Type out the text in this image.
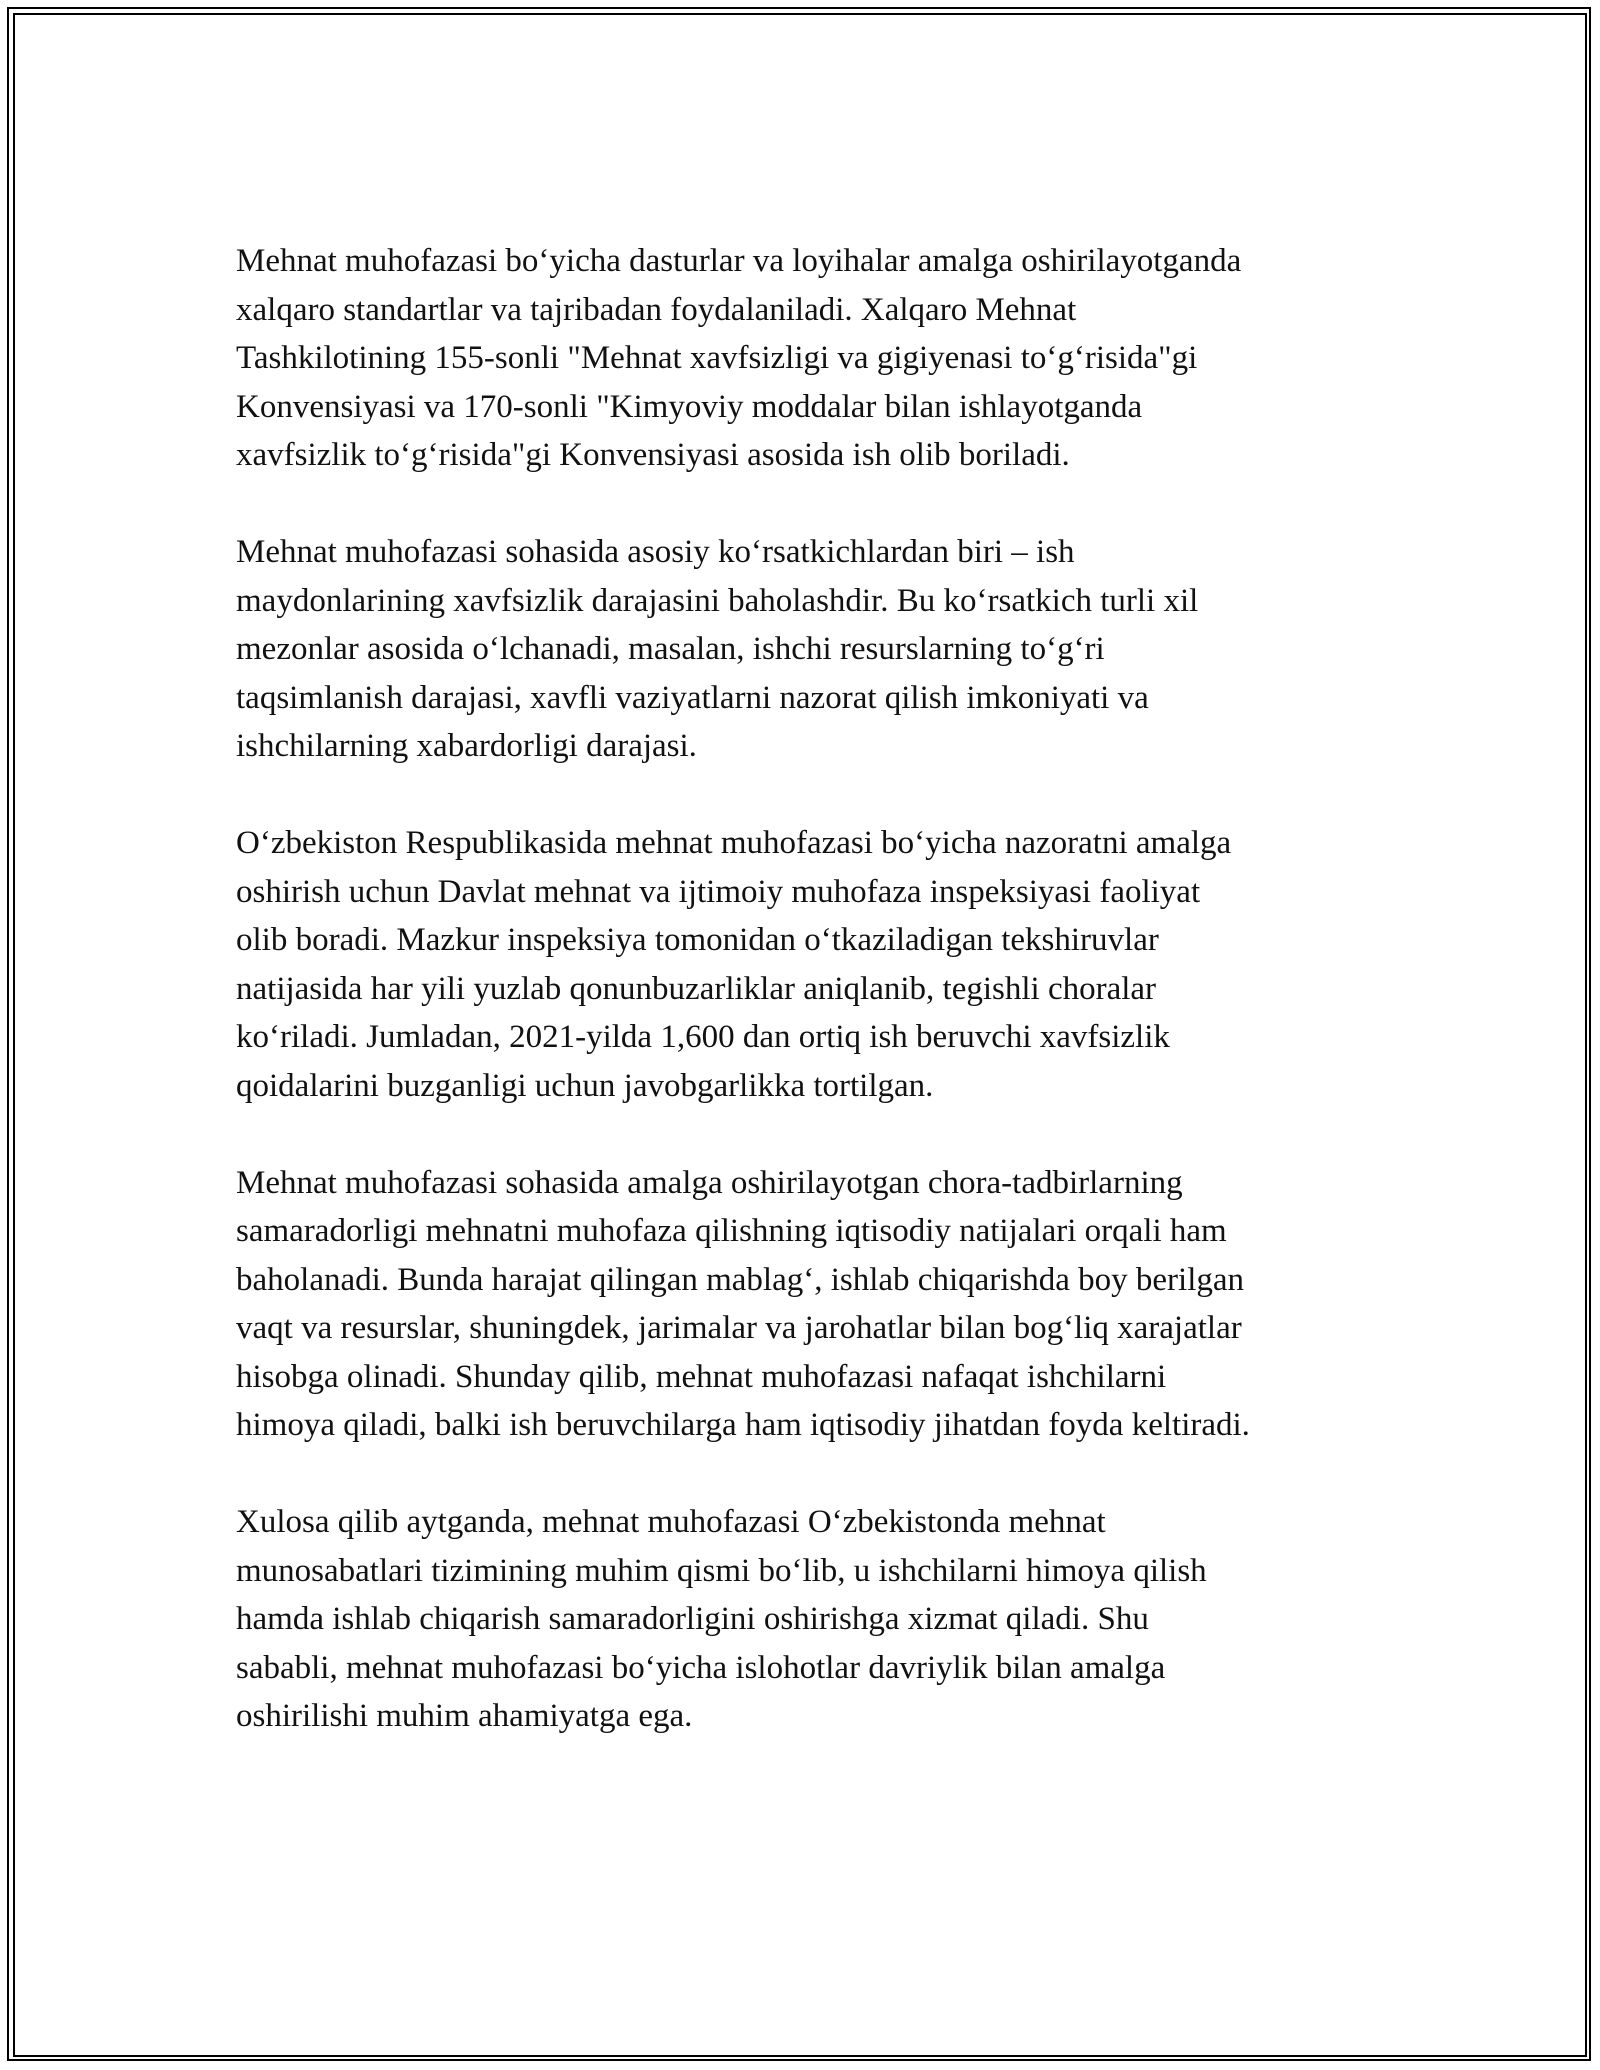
Mehnat muhofazasi bo‘yicha dasturlar va loyihalar amalga oshirilayotganda
xalqaro standartlar va tajribadan foydalaniladi. Xalqaro Mehnat
Tashkilotining 155-sonli "Mehnat xavfsizligi va gigiyenasi to‘g‘risida"gi
Konvensiyasi va 170-sonli "Kimyoviy moddalar bilan ishlayotganda
xavfsizlik to‘g‘risida"gi Konvensiyasi asosida ish olib boriladi.

Mehnat muhofazasi sohasida asosiy ko‘rsatkichlardan biri – ish
maydonlarining xavfsizlik darajasini baholashdir. Bu ko‘rsatkich turli xil
mezonlar asosida o‘lchanadi, masalan, ishchi resurslarning to‘g‘ri
taqsimlanish darajasi, xavfli vaziyatlarni nazorat qilish imkoniyati va
ishchilarning xabardorligi darajasi.

O‘zbekiston Respublikasida mehnat muhofazasi bo‘yicha nazoratni amalga
oshirish uchun Davlat mehnat va ijtimoiy muhofaza inspeksiyasi faoliyat
olib boradi. Mazkur inspeksiya tomonidan o‘tkaziladigan tekshiruvlar
natijasida har yili yuzlab qonunbuzarliklar aniqlanib, tegishli choralar
ko‘riladi. Jumladan, 2021-yilda 1,600 dan ortiq ish beruvchi xavfsizlik
qoidalarini buzganligi uchun javobgarlikka tortilgan.

Mehnat muhofazasi sohasida amalga oshirilayotgan chora-tadbirlarning
samaradorligi mehnatni muhofaza qilishning iqtisodiy natijalari orqali ham
baholanadi. Bunda harajat qilingan mablag‘, ishlab chiqarishda boy berilgan
vaqt va resurslar, shuningdek, jarimalar va jarohatlar bilan bog‘liq xarajatlar
hisobga olinadi. Shunday qilib, mehnat muhofazasi nafaqat ishchilarni
himoya qiladi, balki ish beruvchilarga ham iqtisodiy jihatdan foyda keltiradi.

Xulosa qilib aytganda, mehnat muhofazasi O‘zbekistonda mehnat
munosabatlari tizimining muhim qismi bo‘lib, u ishchilarni himoya qilish
hamda ishlab chiqarish samaradorligini oshirishga xizmat qiladi. Shu
sababli, mehnat muhofazasi bo‘yicha islohotlar davriylik bilan amalga
oshirilishi muhim ahamiyatga ega.
